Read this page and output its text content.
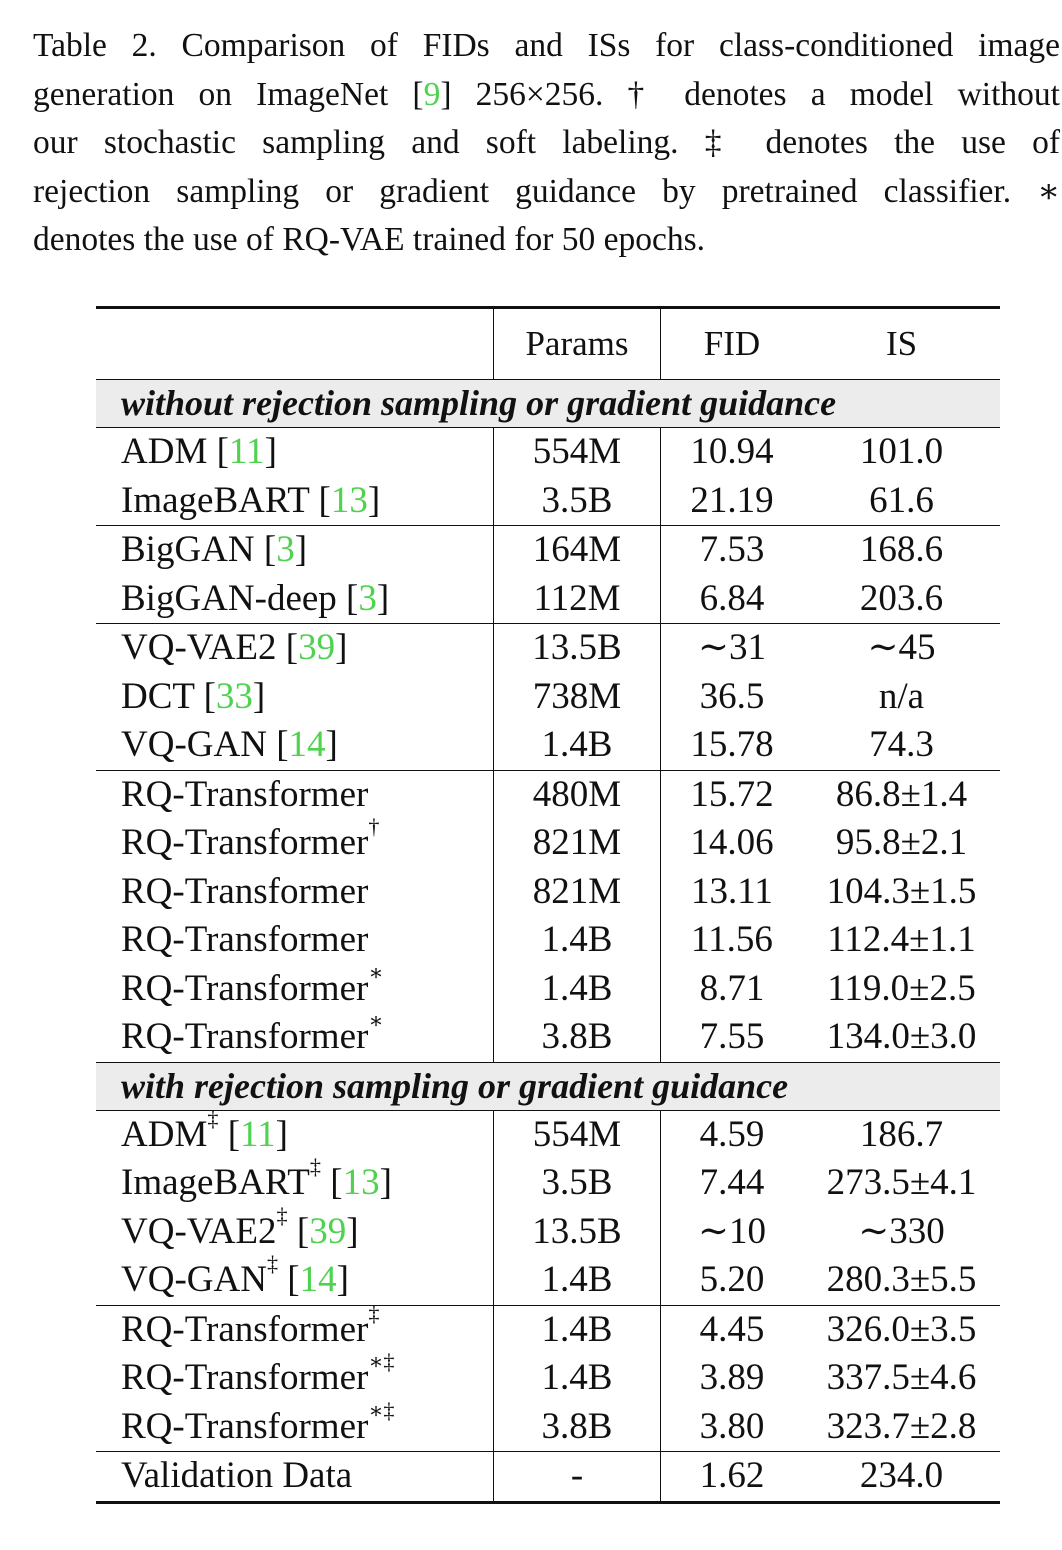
Table 2. Comparison of FIDs and ISs for class-conditioned image
generation on ImageNet [9] 256×256. † denotes a model without
our stochastic sampling and soft labeling. ‡ denotes the use of
rejection sampling or gradient guidance by pretrained classifier. ∗
denotes the use of RQ-VAE trained for 50 epochs.
	Params	FID	IS
without rejection sampling or gradient guidance			
ADM [11]	554M	10.94	101.0
ImageBART [13]	3.5B	21.19	61.6
BigGAN [3]	164M	7.53	168.6
BigGAN-deep [3]	112M	6.84	203.6
VQ-VAE2 [39]	13.5B	∼31	∼45
DCT [33]	738M	36.5	n/a
VQ-GAN [14]	1.4B	15.78	74.3
RQ-Transformer	480M	15.72	86.8±1.4
RQ-Transformer†	821M	14.06	95.8±2.1
RQ-Transformer	821M	13.11	104.3±1.5
RQ-Transformer	1.4B	11.56	112.4±1.1
RQ-Transformer∗	1.4B	8.71	119.0±2.5
RQ-Transformer∗	3.8B	7.55	134.0±3.0
with rejection sampling or gradient guidance			
ADM‡ [11]	554M	4.59	186.7
ImageBART‡ [13]	3.5B	7.44	273.5±4.1
VQ-VAE2‡ [39]	13.5B	∼10	∼330
VQ-GAN‡ [14]	1.4B	5.20	280.3±5.5
RQ-Transformer‡	1.4B	4.45	326.0±3.5
RQ-Transformer∗‡	1.4B	3.89	337.5±4.6
RQ-Transformer∗‡	3.8B	3.80	323.7±2.8
Validation Data	-	1.62	234.0
